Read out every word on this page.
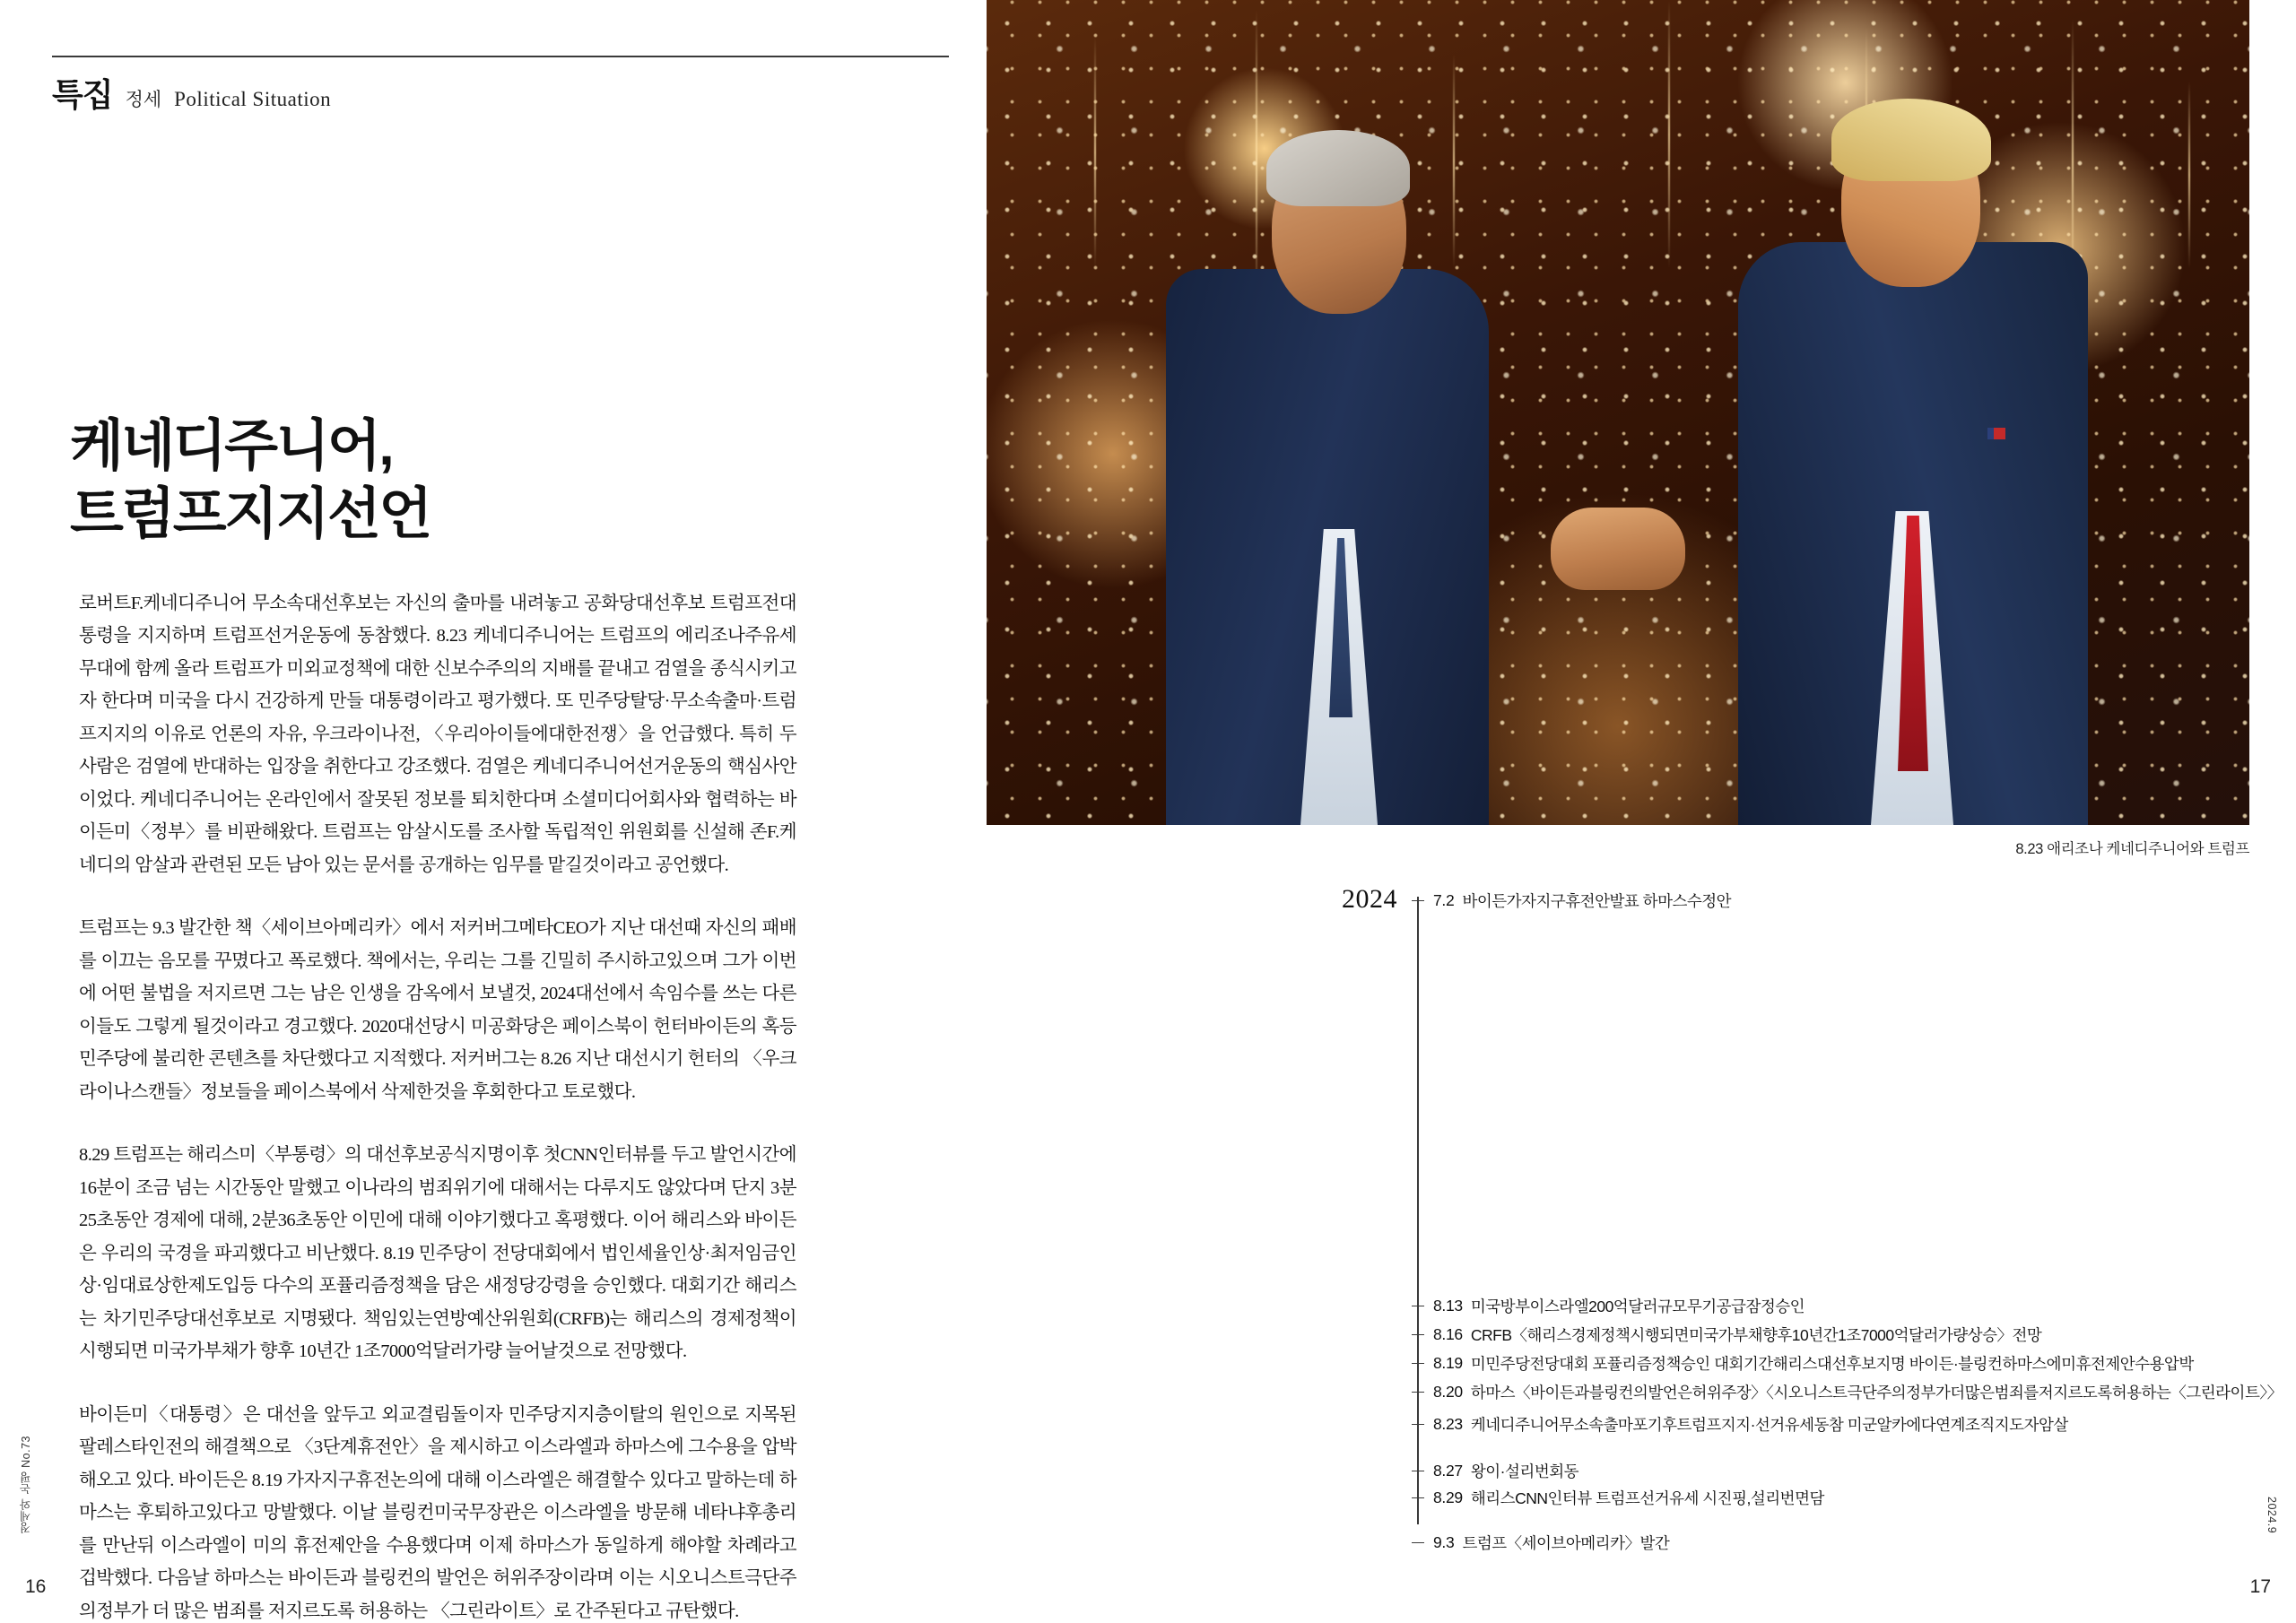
특집 정세 Political Situation
케네디주니어,
트럼프지지선언

로버트F.케네디주니어 무소속대선후보는 자신의 출마를 내려놓고 공화당대선후보 트럼프전대통령을 지지하며 트럼프선거운동에 동참했다. 8.23 케네디주니어는 트럼프의 에리조나주유세무대에 함께 올라 트럼프가 미외교정책에 대한 신보수주의의 지배를 끝내고 검열을 종식시키고자 한다며 미국을 다시 건강하게 만들 대통령이라고 평가했다. 또 민주당탈당·무소속출마·트럼프지지의 이유로 언론의 자유, 우크라이나전, 〈우리아이들에대한전쟁〉을 언급했다. 특히 두사람은 검열에 반대하는 입장을 취한다고 강조했다. 검열은 케네디주니어선거운동의 핵심사안이었다. 케네디주니어는 온라인에서 잘못된 정보를 퇴치한다며 소셜미디어회사와 협력하는 바이든미〈정부〉를 비판해왔다. 트럼프는 암살시도를 조사할 독립적인 위원회를 신설해 존F.케네디의 암살과 관련된 모든 남아 있는 문서를 공개하는 임무를 맡길것이라고 공언했다.

트럼프는 9.3 발간한 책〈세이브아메리카〉에서 저커버그메타CEO가 지난 대선때 자신의 패배를 이끄는 음모를 꾸몄다고 폭로했다. 책에서는, 우리는 그를 긴밀히 주시하고있으며 그가 이번에 어떤 불법을 저지르면 그는 남은 인생을 감옥에서 보낼것, 2024대선에서 속임수를 쓰는 다른 이들도 그렇게 될것이라고 경고했다. 2020대선당시 미공화당은 페이스북이 헌터바이든의 혹등 민주당에 불리한 콘텐츠를 차단했다고 지적했다. 저커버그는 8.26 지난 대선시기 헌터의 〈우크라이나스캔들〉정보들을 페이스북에서 삭제한것을 후회한다고 토로했다.

8.29 트럼프는 해리스미〈부통령〉의 대선후보공식지명이후 첫CNN인터뷰를 두고 발언시간에 16분이 조금 넘는 시간동안 말했고 이나라의 범죄위기에 대해서는 다루지도 않았다며 단지 3분25초동안 경제에 대해, 2분36초동안 이민에 대해 이야기했다고 혹평했다. 이어 해리스와 바이든은 우리의 국경을 파괴했다고 비난했다. 8.19 민주당이 전당대회에서 법인세율인상·최저임금인상·임대료상한제도입등 다수의 포퓰리즘정책을 담은 새정당강령을 승인했다. 대회기간 해리스는 차기민주당대선후보로 지명됐다. 책임있는연방예산위원회(CRFB)는 해리스의 경제정책이 시행되면 미국가부채가 향후 10년간 1조7000억달러가량 늘어날것으로 전망했다.

바이든미〈대통령〉은 대선을 앞두고 외교결림돌이자 민주당지지층이탈의 원인으로 지목된 팔레스타인전의 해결책으로 〈3단계휴전안〉을 제시하고 이스라엘과 하마스에 그수용을 압박해오고 있다. 바이든은 8.19 가자지구휴전논의에 대해 이스라엘은 해결할수 있다고 말하는데 하마스는 후퇴하고있다고 망발했다. 이날 블링컨미국무장관은 이스라엘을 방문해 네타냐후총리를 만난뒤 이스라엘이 미의 휴전제안을 수용했다며 이제 하마스가 동일하게 해야할 차례라고 겁박했다. 다음날 하마스는 바이든과 블링컨의 발언은 허위주장이라며 이는 시오니스트극단주의정부가 더 많은 범죄를 저지르도록 허용하는 〈그린라이트〉로 간주된다고 규탄했다.

정세와 논평 No.73
16
8.23 애리조나 케네디주니어와 트럼프
2024 7.2 바이든가자지구휴전안발표 하마스수정안
8.13 미국방부이스라엘200억달러규모무기공급잠정승인
8.16 CRFB〈해리스경제정책시행되면미국가부채향후10년간1조7000억달러가량상승〉전망
8.19 미민주당전당대회 포퓰리즘정책승인 대회기간해리스대선후보지명 바이든·블링컨하마스에미휴전제안수용압박
8.20 하마스〈바이든과블링컨의발언은허위주장〉〈시오니스트극단주의정부가더많은범죄를저지르도록허용하는〈그린라이트〉〉
8.23 케네디주니어무소속출마포기후트럼프지지·선거유세동참 미군알카에다연계조직지도자암살
8.27 왕이·설리번회동
8.29 해리스CNN인터뷰 트럼프선거유세 시진핑,설리번면담
9.3 트럼프〈세이브아메리카〉발간
2024.9
17
